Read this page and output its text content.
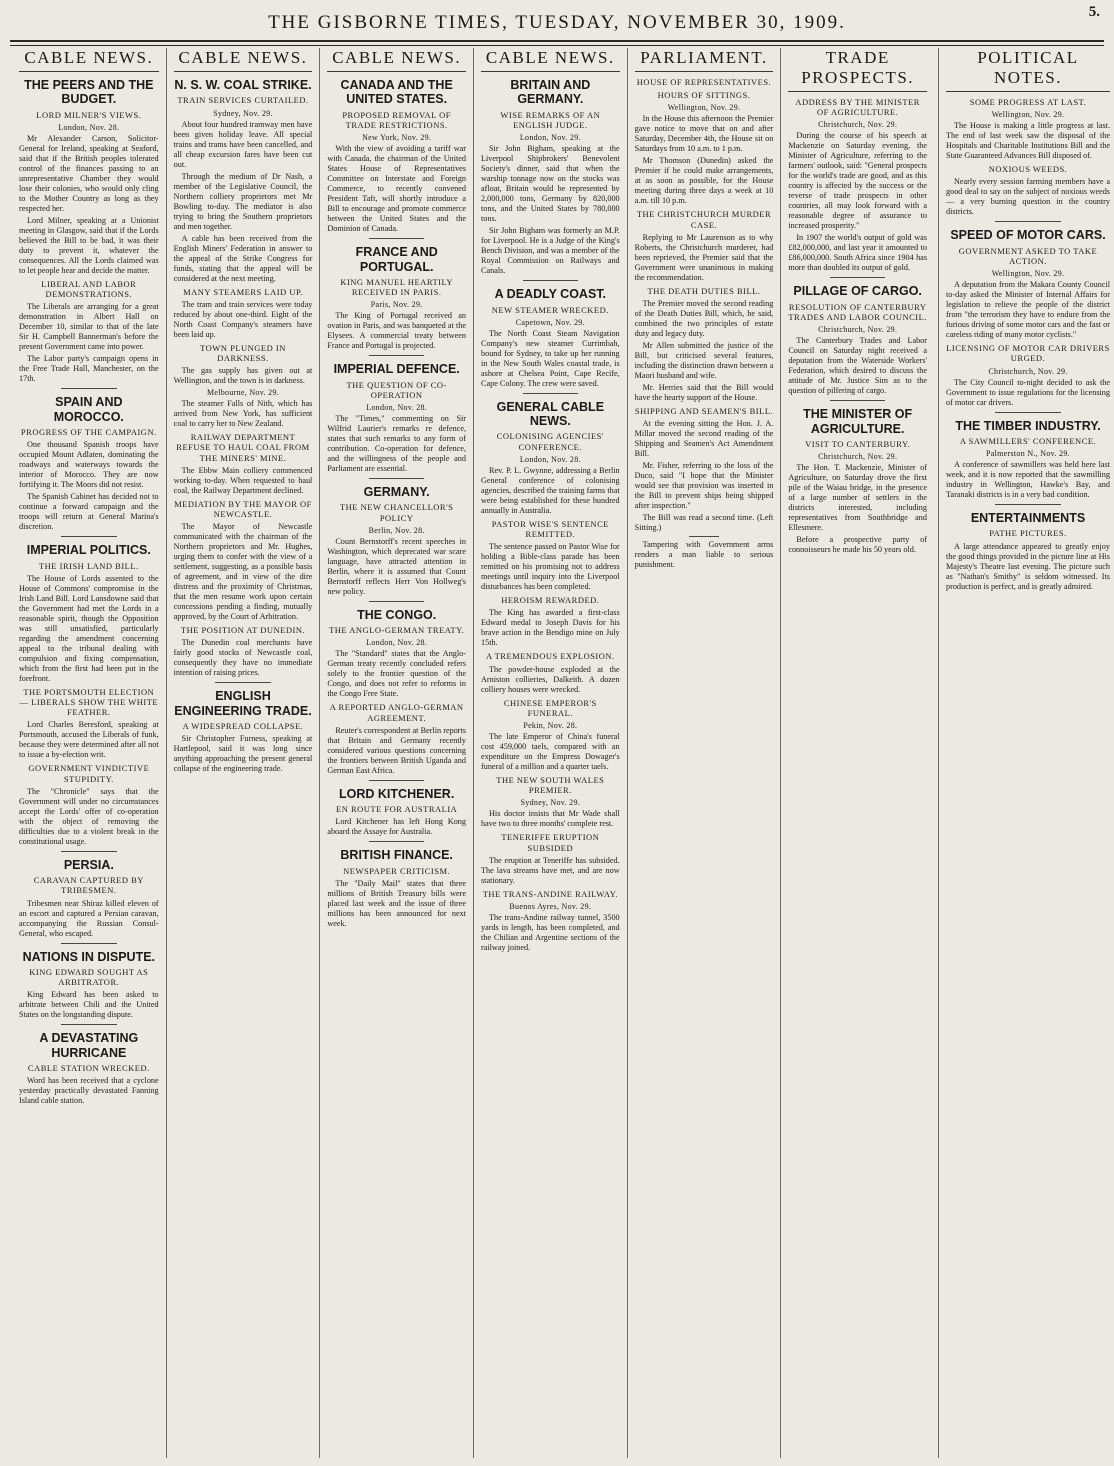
THE GISBORNE TIMES, TUESDAY, NOVEMBER 30, 1909.	5.
CABLE NEWS.
THE PEERS AND THE BUDGET.
LORD MILNER'S VIEWS.
London, Nov. 28.

Mr Alexander Carson, Solicitor-General for Ireland, speaking at Seaford, said that if the British peoples tolerated control of the finances passing to an unrepresentative Chamber they would lose their colonies, who would only cling to the Mother Country as long as they respected her.

Lord Milner, speaking at a Unionist meeting in Glasgow, said that if the Lords believed the Bill to be bad, it was their duty to prevent it, whatever the consequences. All the Lords claimed was to let people hear and decide the matter.

LIBERAL AND LABOR DEMONSTRATIONS.

The Liberals are arranging for a great demonstration in Albert Hall on December 10, similar to that of the late Sir H. Campbell Bannerman's before the present Government came into power.

The Labor party's campaign opens in the Free Trade Hall, Manchester, on the 17th.

SPAIN AND MOROCCO.
PROGRESS OF THE CAMPAIGN.

One thousand Spanish troops have occupied Mount Adlaten, dominating the roadways and waterways towards the interior of Morocco. They are now fortifying it. The Moors did not resist.

The Spanish Cabinet has decided not to continue a forward campaign and the troops will return at General Marina's discretion.

IMPERIAL POLITICS.
THE IRISH LAND BILL.

The House of Lords assented to the House of Commons' compromise in the Irish Land Bill. Lord Lansdowne said that the Government had met the Lords in a reasonable spirit, though the Opposition was still unsatisfied, particularly regarding the amendment concerning appeal to the tribunal dealing with compulsion and fixing compensation, which from the first had been put in the forefront.

THE PORTSMOUTH ELECTION — LIBERALS SHOW THE WHITE FEATHER.

Lord Charles Beresford, speaking at Portsmouth, accused the Liberals of funk, because they were determined after all not to issue a by-election writ.

GOVERNMENT VINDICTIVE STUPIDITY.

The "Chronicle" says that the Government will under no circumstances accept the Lords' offer of co-operation with the object of removing the difficulties due to a violent break in the constitutional usage.

PERSIA.
CARAVAN CAPTURED BY TRIBESMEN.

Tribesmen near Shiraz killed eleven of an escort and captured a Persian caravan, accompanying the Russian Consul-General, who escaped.

NATIONS IN DISPUTE.
KING EDWARD SOUGHT AS ARBITRATOR.

King Edward has been asked to arbitrate between Chili and the United States on the longstanding dispute.

A DEVASTATING HURRICANE
CABLE STATION WRECKED.

Word has been received that a cyclone yesterday practically devastated Fanning Island cable station.

CABLE NEWS.
N. S. W. COAL STRIKE.
TRAIN SERVICES CURTAILED.
Sydney, Nov. 29.

About four hundred tramway men have been given holiday leave. All special trains and trams have been cancelled, and all cheap excursion fares have been cut out.

Through the medium of Dr Nash, a member of the Legislative Council, the Northern colliery proprietors met Mr Bowling to-day. The mediator is also trying to bring the Southern proprietors and men together.

A cable has been received from the English Miners' Federation in answer to the appeal of the Strike Congress for funds, stating that the appeal will be considered at the next meeting.

MANY STEAMERS LAID UP.

The tram and train services were today reduced by about one-third. Eight of the North Coast Company's steamers have been laid up.

TOWN PLUNGED IN DARKNESS.

The gas supply has given out at Wellington, and the town is in darkness.

Melbourne, Nov. 29.

The steamer Falls of Nith, which has arrived from New York, has sufficient coal to carry her to New Zealand.

RAILWAY DEPARTMENT REFUSE TO HAUL COAL FROM THE MINERS' MINE.

The Ebbw Main colliery commenced working to-day. When requested to haul coal, the Railway Department declined.

MEDIATION BY THE MAYOR OF NEWCASTLE.

The Mayor of Newcastle communicated with the chairman of the Northern proprietors and Mr. Hughes, urging them to confer with the view of a settlement, suggesting, as a possible basis of agreement, and in view of the dire distress and the proximity of Christmas, that the men resume work upon certain concessions pending a finding, mutually approved, by the Court of Arbitration.

THE POSITION AT DUNEDIN.

The Dunedin coal merchants have fairly good stocks of Newcastle coal, consequently they have no immediate intention of raising prices.

ENGLISH ENGINEERING TRADE.
A WIDESPREAD COLLAPSE.

Sir Christopher Furness, speaking at Hartlepool, said it was long since anything approaching the present general collapse of the engineering trade.

CABLE NEWS.
CANADA AND THE UNITED STATES.
PROPOSED REMOVAL OF TRADE RESTRICTIONS.
New York, Nov. 29.

With the view of avoiding a tariff war with Canada, the chairman of the United States House of Representatives Committee on Interstate and Foreign Commerce, to recently convened President Taft, will shortly introduce a Bill to encourage and promote commerce between the United States and the Dominion of Canada.

FRANCE AND PORTUGAL.
KING MANUEL HEARTILY RECEIVED IN PARIS.
Paris, Nov. 29.

The King of Portugal received an ovation in Paris, and was banqueted at the Elysees. A commercial treaty between France and Portugal is projected.

IMPERIAL DEFENCE.
THE QUESTION OF CO-OPERATION
London, Nov. 28.

The "Times," commenting on Sir Wilfrid Laurier's remarks re defence, states that such remarks to any form of contribution. Co-operation for defence, and the willingness of the people and Parliament are essential.

GERMANY.
THE NEW CHANCELLOR'S POLICY
Berlin, Nov. 28.

Count Bernstorff's recent speeches in Washington, which deprecated war scare language, have attracted attention in Berlin, where it is assumed that Count Bernstorff reflects Herr Von Hollweg's new policy.

THE CONGO.
THE ANGLO-GERMAN TREATY.
London, Nov. 28.

The "Standard" states that the Anglo-German treaty recently concluded refers solely to the frontier question of the Congo, and does not refer to reforms in the Congo Free State.

A REPORTED ANGLO-GERMAN AGREEMENT.

Reuter's correspondent at Berlin reports that Britain and Germany recently considered various questions concerning the frontiers between British Uganda and German East Africa.

LORD KITCHENER.
EN ROUTE FOR AUSTRALIA

Lord Kitchener has left Hong Kong aboard the Assaye for Australia.

BRITISH FINANCE.
NEWSPAPER CRITICISM.

The "Daily Mail" states that three millions of British Treasury bills were placed last week and the issue of three millions has been announced for next week.

CABLE NEWS.
BRITAIN AND GERMANY.
WISE REMARKS OF AN ENGLISH JUDGE.
London, Nov. 29.

Sir John Bigham, speaking at the Liverpool Shipbrokers' Benevolent Society's dinner, said that when the warship tonnage now on the stocks was afloat, Britain would be represented by 2,000,000 tons, Germany by 820,000 tons, and the United States by 780,000 tons.

Sir John Bigham was formerly an M.P. for Liverpool. He is a Judge of the King's Bench Division, and was a member of the Royal Commission on Railways and Canals.

A DEADLY COAST.
NEW STEAMER WRECKED.
Capetown, Nov. 29.

The North Coast Steam Navigation Company's new steamer Currimbah, bound for Sydney, to take up her running in the New South Wales coastal trade, is ashore at Chelsea Point, Cape Recife, Cape Colony. The crew were saved.

GENERAL CABLE NEWS.
COLONISING AGENCIES' CONFERENCE.
London, Nov. 28.

Rev. P. L. Gwynne, addressing a Berlin General conference of colonising agencies, described the training farms that were being established for these hundred annually in Australia.

PASTOR WISE'S SENTENCE REMITTED.

The sentence passed on Pastor Wise for holding a Bible-class parade has been remitted on his promising not to address meetings until inquiry into the Liverpool disturbances has been completed.

HEROISM REWARDED.

The King has awarded a first-class Edward medal to Joseph Davis for his brave action in the Bendigo mine on July 15th.

A TREMENDOUS EXPLOSION.

The powder-house exploded at the Arniston collieries, Dalkeith. A dozen colliery houses were wrecked.

CHINESE EMPEROR'S FUNERAL.
Pekin, Nov. 28.

The late Emperor of China's funeral cost 459,000 taels, compared with an expenditure on the Empress Dowager's funeral of a million and a quarter taels.

THE NEW SOUTH WALES PREMIER.
Sydney, Nov. 29.

His doctor insists that Mr Wade shall have two to three months' complete rest.

TENERIFFE ERUPTION SUBSIDED

The eruption at Teneriffe has subsided. The lava streams have met, and are now stationary.

THE TRANS-ANDINE RAILWAY.
Buenos Ayres, Nov. 29.

The trans-Andine railway tunnel, 3500 yards in length, has been completed, and the Chilian and Argentine sections of the railway joined.

PARLIAMENT.
HOUSE OF REPRESENTATIVES.
HOURS OF SITTINGS.
Wellington, Nov. 29.

In the House this afternoon the Premier gave notice to move that on and after Saturday, December 4th, the House sit on Saturdays from 10 a.m. to 1 p.m.

Mr Thomson (Dunedin) asked the Premier if he could make arrangements, at as soon as possible, for the House meeting during three days a week at 10 a.m. till 10 p.m.

THE CHRISTCHURCH MURDER CASE.

Replying to Mr Laurenson as to why Roberts, the Christchurch murderer, had been reprieved, the Premier said that the Government were unanimous in making the recommendation.

THE DEATH DUTIES BILL.

The Premier moved the second reading of the Death Duties Bill, which, he said, combined the two principles of estate duty and legacy duty.

Mr Allen submitted the justice of the Bill, but criticised several features, including the distinction drawn between a Maori husband and wife.

Mr. Herries said that the Bill would have the hearty support of the House.

SHIPPING AND SEAMEN'S BILL.

At the evening sitting the Hon. J. A. Millar moved the second reading of the Shipping and Seamen's Act Amendment Bill.

Mr. Fisher, referring to the loss of the Duco, said "I hope that the Minister would see that provision was inserted in the Bill to prevent ships being shipped after inspection."

The Bill was read a second time. (Left Sitting.)

Tampering with Government arms renders a man liable to serious punishment.

TRADE PROSPECTS.
ADDRESS BY THE MINISTER OF AGRICULTURE.
Christchurch, Nov. 29.

During the course of his speech at Mackenzie on Saturday evening, the Minister of Agriculture, referring to the farmers' outlook, said: "General prospects for the world's trade are good, and as this country is affected by the success or the reverse of trade prospects in other countries, all may look forward with a reasonable degree of assurance to increased prosperity."

In 1907 the world's output of gold was £82,000,000, and last year it amounted to £86,000,000. South Africa since 1904 has more than doubled its output of gold.

PILLAGE OF CARGO.
RESOLUTION OF CANTERBURY TRADES AND LABOR COUNCIL.
Christchurch, Nov. 29.

The Canterbury Trades and Labor Council on Saturday night received a deputation from the Waterside Workers' Federation, which desired to discuss the attitude of Mr. Justice Sim as to the question of pilfering of cargo.

THE MINISTER OF AGRICULTURE.
VISIT TO CANTERBURY.
Christchurch, Nov. 29.

The Hon. T. Mackenzie, Minister of Agriculture, on Saturday drove the first pile of the Waiau bridge, in the presence of a large number of settlers in the districts interested, including representatives from Southbridge and Ellesmere.

Before a prospective party of connoisseurs he made his 50 years old.

POLITICAL NOTES.
SOME PROGRESS AT LAST.
Wellington, Nov. 29.

The House is making a little progress at last. The end of last week saw the disposal of the Hospitals and Charitable Institutions Bill and the State Guaranteed Advances Bill disposed of.

NOXIOUS WEEDS.

Nearly every session farming members have a good deal to say on the subject of noxious weeds — a very burning question in the country districts.

SPEED OF MOTOR CARS.
GOVERNMENT ASKED TO TAKE ACTION.
Wellington, Nov. 29.

A deputation from the Makara County Council to-day asked the Minister of Internal Affairs for legislation to relieve the people of the district from "the terrorism they have to endure from the furious driving of some motor cars and the fast or careless riding of many motor cyclists."

LICENSING OF MOTOR CAR DRIVERS URGED.
Christchurch, Nov. 29.

The City Council to-night decided to ask the Government to issue regulations for the licensing of motor car drivers.

THE TIMBER INDUSTRY.
A SAWMILLERS' CONFERENCE.
Palmerston N., Nov. 29.

A conference of sawmillers was held here last week, and it is now reported that the sawmilling industry in Wellington, Hawke's Bay, and Taranaki districts is in a very bad condition.

ENTERTAINMENTS
PATHE PICTURES.

A large attendance appeared to greatly enjoy the good things provided in the picture line at His Majesty's Theatre last evening. The picture such as "Nathan's Smithy" is seldom witnessed. Its production is perfect, and is greatly admired.
